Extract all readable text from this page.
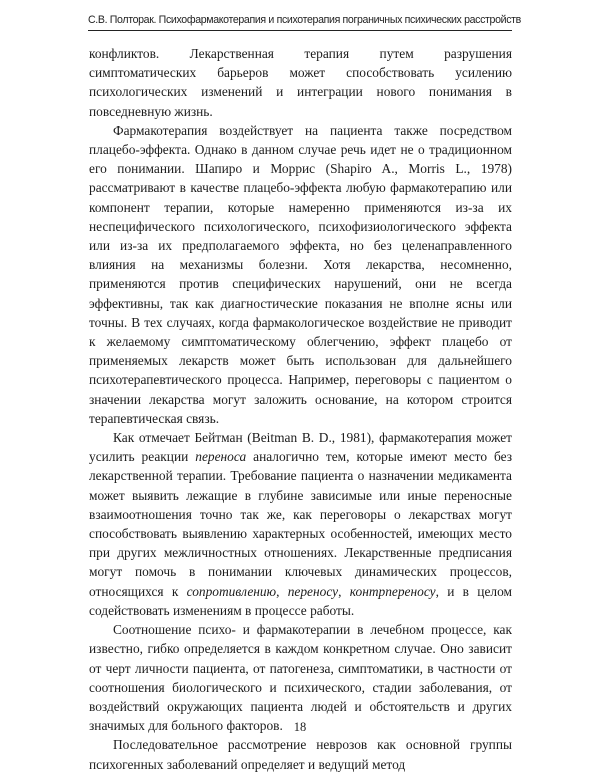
С.В. Полторак. Психофармакотерапия и психотерапия пограничных психических расстройств

конфликтов. Лекарственная терапия путем разрушения симптоматических барьеров может способствовать усилению психологических изменений и интеграции нового понимания в повседневную жизнь.

Фармакотерапия воздействует на пациента также посредством плацебо-эффекта. Однако в данном случае речь идет не о традиционном его понимании. Шапиро и Моррис (Shapiro A., Morris L., 1978) рассматривают в качестве плацебо-эффекта любую фармакотерапию или компонент терапии, которые намеренно применяются из-за их неспецифического психологического, психофизиологического эффекта или из-за их предполагаемого эффекта, но без целенаправленного влияния на механизмы болезни. Хотя лекарства, несомненно, применяются против специфических нарушений, они не всегда эффективны, так как диагностические показания не вполне ясны или точны. В тех случаях, когда фармакологическое воздействие не приводит к желаемому симптоматическому облегчению, эффект плацебо от применяемых лекарств может быть использован для дальнейшего психотерапевтического процесса. Например, переговоры с пациентом о значении лекарства могут заложить основание, на котором строится терапевтическая связь.

Как отмечает Бейтман (Beitman B. D., 1981), фармакотерапия может усилить реакции переноса аналогично тем, которые имеют место без лекарственной терапии. Требование пациента о назначении медикамента может выявить лежащие в глубине зависимые или иные переносные взаимоотношения точно так же, как переговоры о лекарствах могут способствовать выявлению характерных особенностей, имеющих место при других межличностных отношениях. Лекарственные предписания могут помочь в понимании ключевых динамических процессов, относящихся к сопротивлению, переносу, контрпереносу, и в целом содействовать изменениям в процессе работы.

Соотношение психо- и фармакотерапии в лечебном процессе, как известно, гибко определяется в каждом конкретном случае. Оно зависит от черт личности пациента, от патогенеза, симптоматики, в частности от соотношения биологического и психического, стадии заболевания, от воздействий окружающих пациента людей и обстоятельств и других значимых для больного факторов.

Последовательное рассмотрение неврозов как основной группы психогенных заболеваний определяет и ведущий метод

18
